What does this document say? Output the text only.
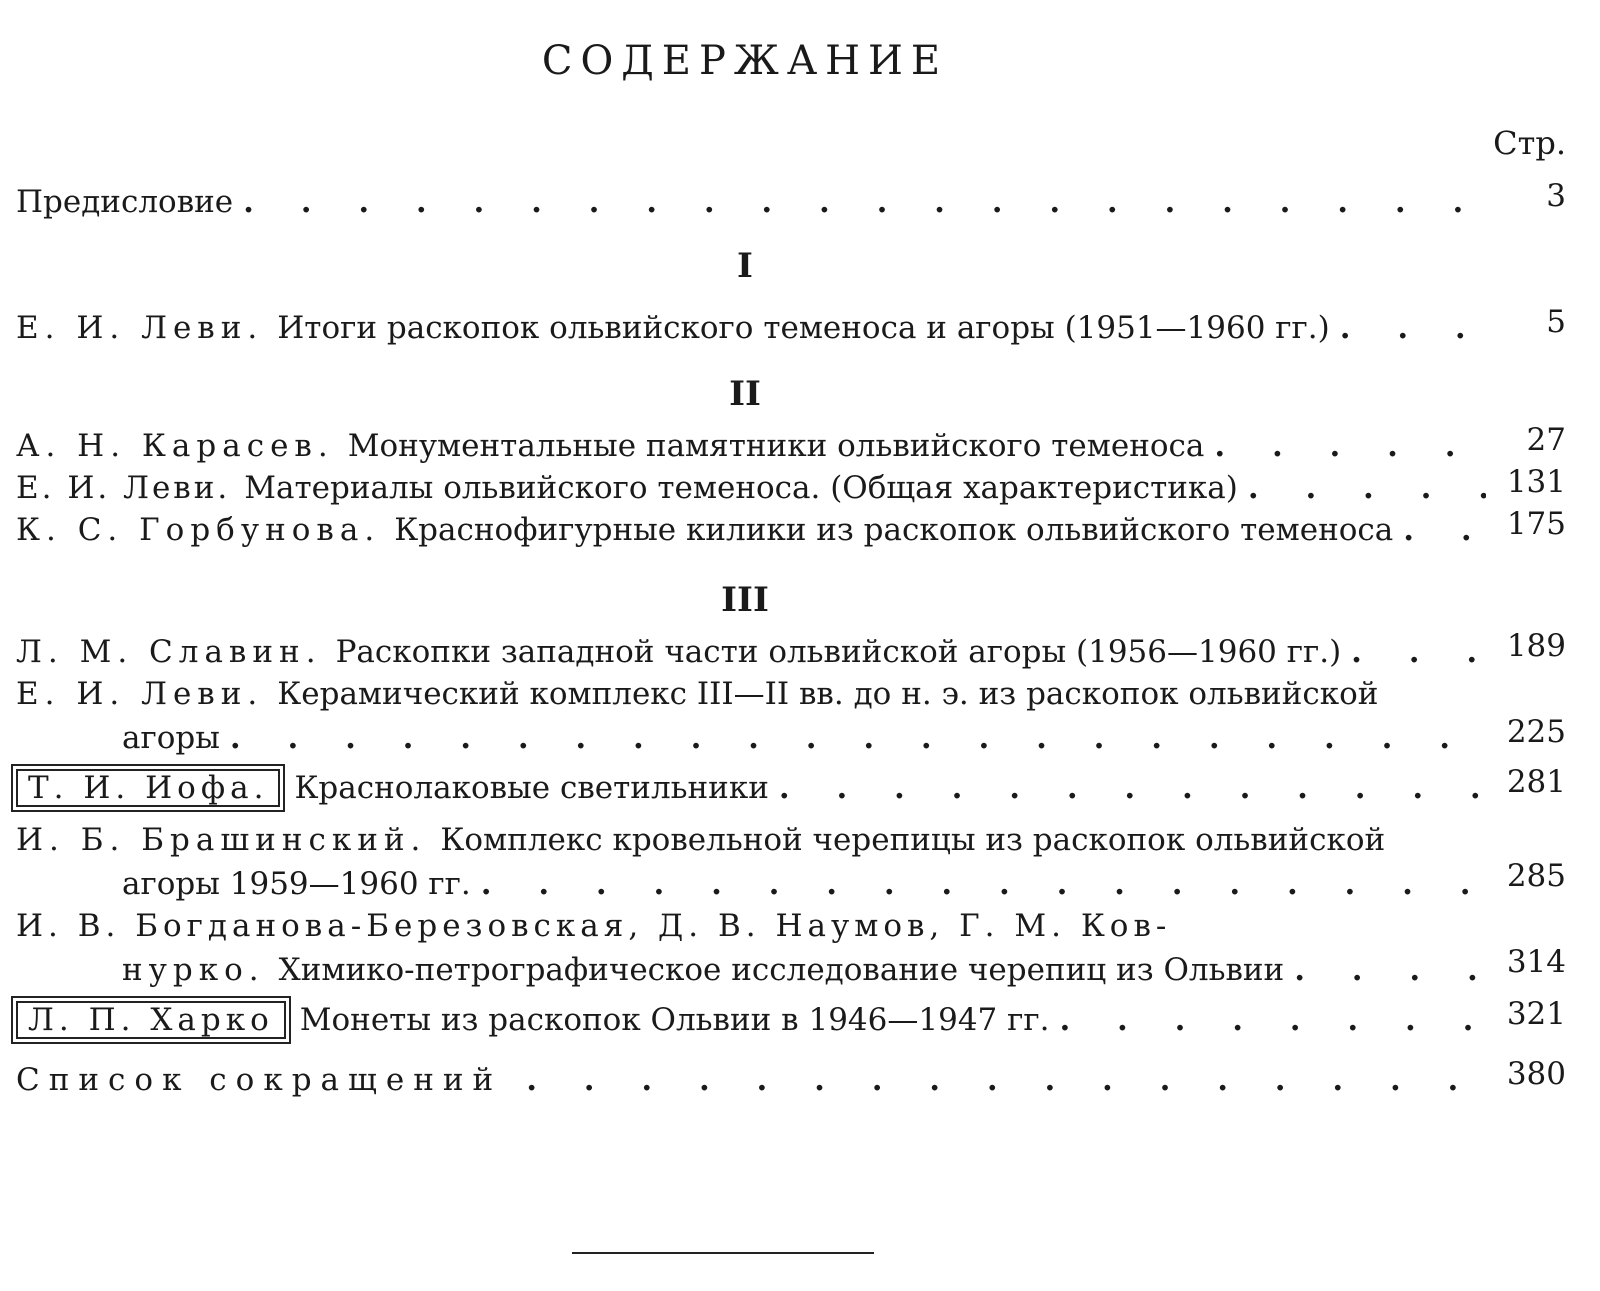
СОДЕРЖАНИЕ
Стр.
Предисловие . . .	3
I
Е. И. Леви. Итоги раскопок ольвийского теменоса и агоры (1951—1960 гг.) . . .	5
II
А. Н. Карасев. Монументальные памятники ольвийского теменоса . . .	27
Е. И. Леви. Материалы ольвийского теменоса. (Общая характеристика) . . .	131
К. С. Горбунова. Краснофигурные килики из раскопок ольвийского теменоса . . .	175
III
Л. М. Славин. Раскопки западной части ольвийской агоры (1956—1960 гг.) . . .	189
Е. И. Леви. Керамический комплекс III—II вв. до н. э. из раскопок ольвийской
агоры . . .	225
Т. И. Иофа. Краснолаковые светильники . . .	281
И. Б. Брашинский. Комплекс кровельной черепицы из раскопок ольвийской
агоры 1959—1960 гг. . . .	285
И. В. Богданова-Березовская, Д. В. Наумов, Г. М. Ков-
нурко. Химико-петрографическое исследование черепиц из Ольвии . . .	314
Л. П. Харко Монеты из раскопок Ольвии в 1946—1947 гг. . . .	321
Список сокращений . . .	380
